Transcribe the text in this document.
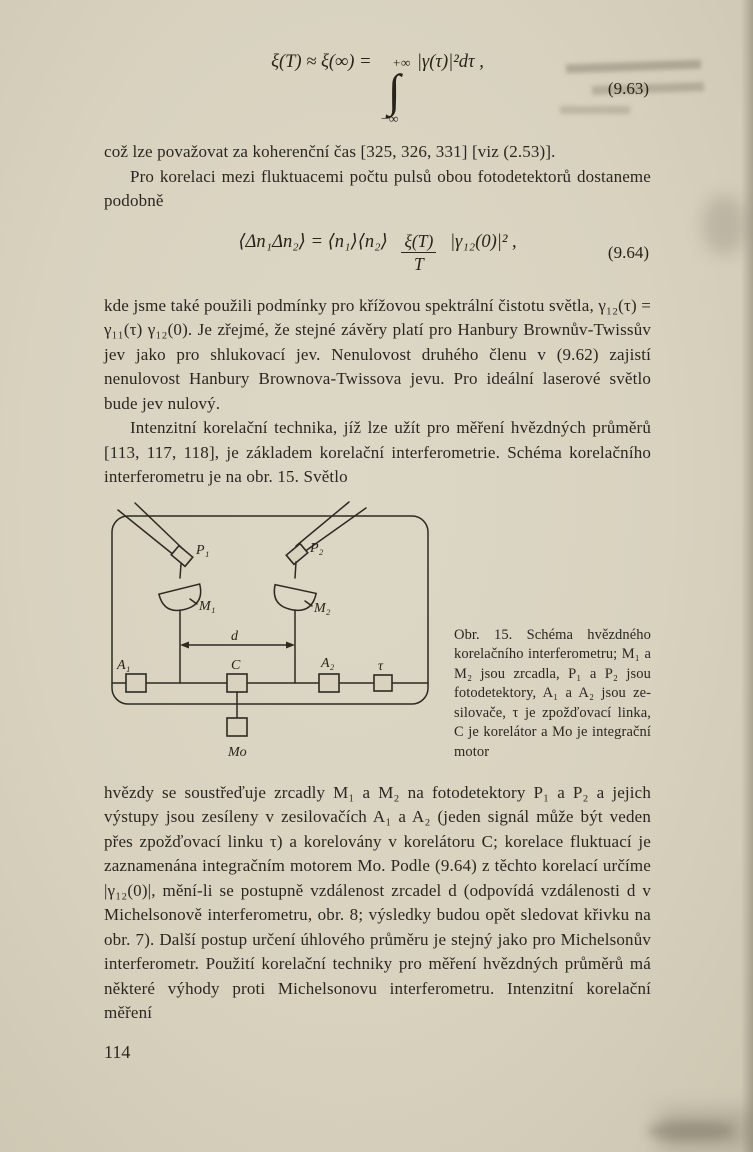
ξ(T) ≈ ξ(∞) = +∞
∫
−∞
|γ(τ)|²dτ ,
(9.63)

což lze považovat za koherenční čas [325, 326, 331] [viz (2.53)].

Pro korelaci mezi fluktuacemi počtu pulsů obou fotodetektorů dostaneme podobně

⟨Δn₁Δn₂⟩ = ⟨n₁⟩⟨n₂⟩ $\frac{\xi(T)}{T} |\gamma_{12}(0)|^2$ ,
(9.64)

kde jsme také použili podmínky pro křížovou spektrální čistotu světla, γ₁₂(τ) = γ₁₁(τ) γ₁₂(0). Je zřejmé, že stejné závěry platí pro Hanbury Brownův-Twissův jev jako pro shlukovací jev. Nenulovost druhého členu v (9.62) zajistí nenulovost Hanbury Brownova-Twissova jevu. Pro ideální laserové světlo bude jev nulový.

Intenzitní korelační technika, jíž lze užít pro měření hvězdných průměrů [113, 117, 118], je základem korelační interferometrie. Schéma korelačního interferometru je na obr. 15. Světlo

P₁	P₂
M₁	M₂
d
A₁	C	A₂	τ
Mo
Obr. 15. Schéma hvězdného korelačního interferometru; M₁ a M₂ jsou zrcadla, P₁ a P₂ jsou fotodetektory, A₁ a A₂ jsou zesilovače, τ je zpožďovací linka, C je korelátor a Mo je integrační motor

hvězdy se soustřeďuje zrcadly M₁ a M₂ na fotodetektory P₁ a P₂ a jejich výstupy jsou zesíleny v zesilovačích A₁ a A₂ (jeden signál může být veden přes zpožďovací linku τ) a korelovány v korelátoru C; korelace fluktuací je zaznamenána integračním motorem Mo. Podle (9.64) z těchto korelací určíme |γ₁₂(0)|, mění-li se postupně vzdálenost zrcadel d (odpovídá vzdálenosti d v Michelsonově interferometru, obr. 8; výsledky budou opět sledovat křivku na obr. 7). Další postup určení úhlového průměru je stejný jako pro Michelsonův interferometr. Použití korelační techniky pro měření hvězdných průměrů má některé výhody proti Michelsonovu interferometru. Intenzitní korelační měření

114
